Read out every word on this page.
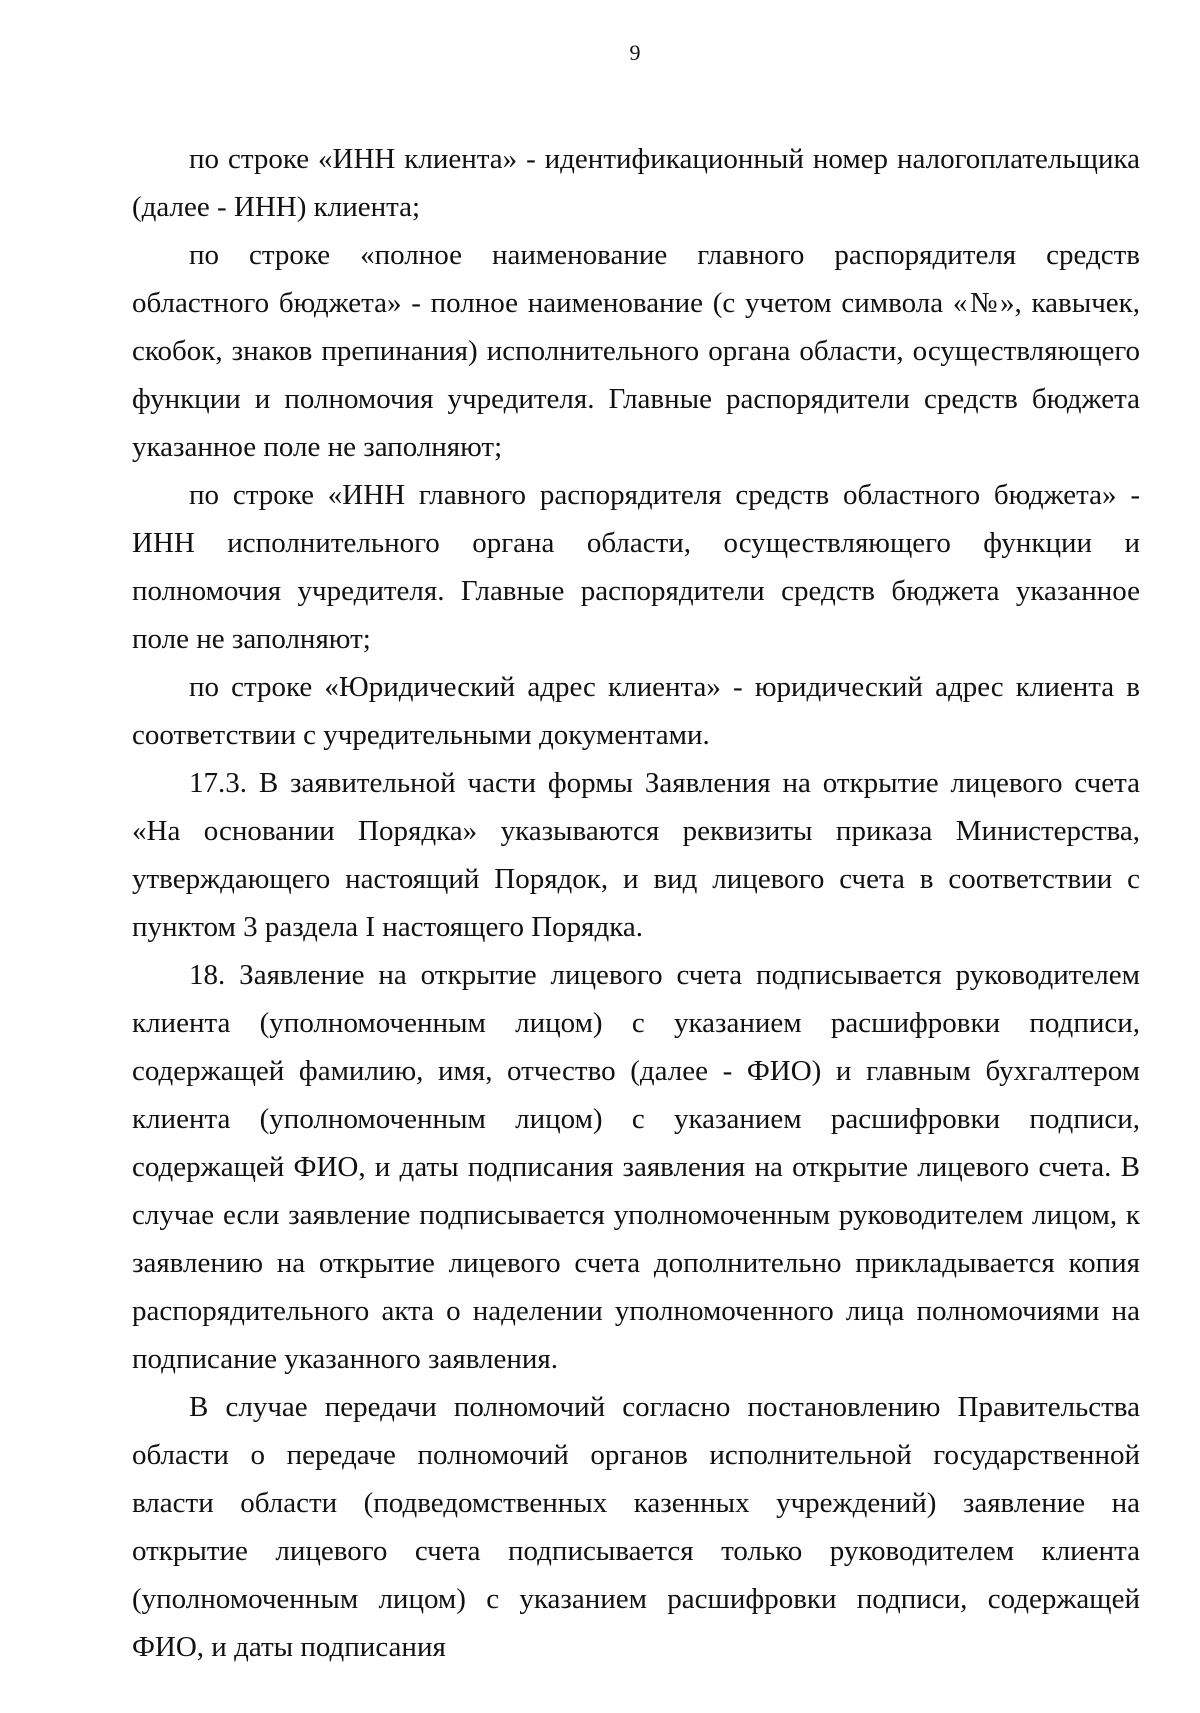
9

по строке «ИНН клиента» - идентификационный номер налогоплательщика (далее - ИНН) клиента;

по строке «полное наименование главного распорядителя средств областного бюджета» - полное наименование (с учетом символа «№», кавычек, скобок, знаков препинания) исполнительного органа области, осуществляющего функции и полномочия учредителя. Главные распорядители средств бюджета указанное поле не заполняют;

по строке «ИНН главного распорядителя средств областного бюджета» - ИНН исполнительного органа области, осуществляющего функции и полномочия учредителя. Главные распорядители средств бюджета указанное поле не заполняют;

по строке «Юридический адрес клиента» - юридический адрес клиента в соответствии с учредительными документами.

17.3. В заявительной части формы Заявления на открытие лицевого счета «На основании Порядка» указываются реквизиты приказа Министерства, утверждающего настоящий Порядок, и вид лицевого счета в соответствии с пунктом 3 раздела I настоящего Порядка.

18. Заявление на открытие лицевого счета подписывается руководителем клиента (уполномоченным лицом) с указанием расшифровки подписи, содержащей фамилию, имя, отчество (далее - ФИО) и главным бухгалтером клиента (уполномоченным лицом) с указанием расшифровки подписи, содержащей ФИО, и даты подписания заявления на открытие лицевого счета. В случае если заявление подписывается уполномоченным руководителем лицом, к заявлению на открытие лицевого счета дополнительно прикладывается копия распорядительного акта о наделении уполномоченного лица полномочиями на подписание указанного заявления.

В случае передачи полномочий согласно постановлению Правительства области о передаче полномочий органов исполнительной государственной власти области (подведомственных казенных учреждений) заявление на открытие лицевого счета подписывается только руководителем клиента (уполномоченным лицом) с указанием расшифровки подписи, содержащей ФИО, и даты подписания
